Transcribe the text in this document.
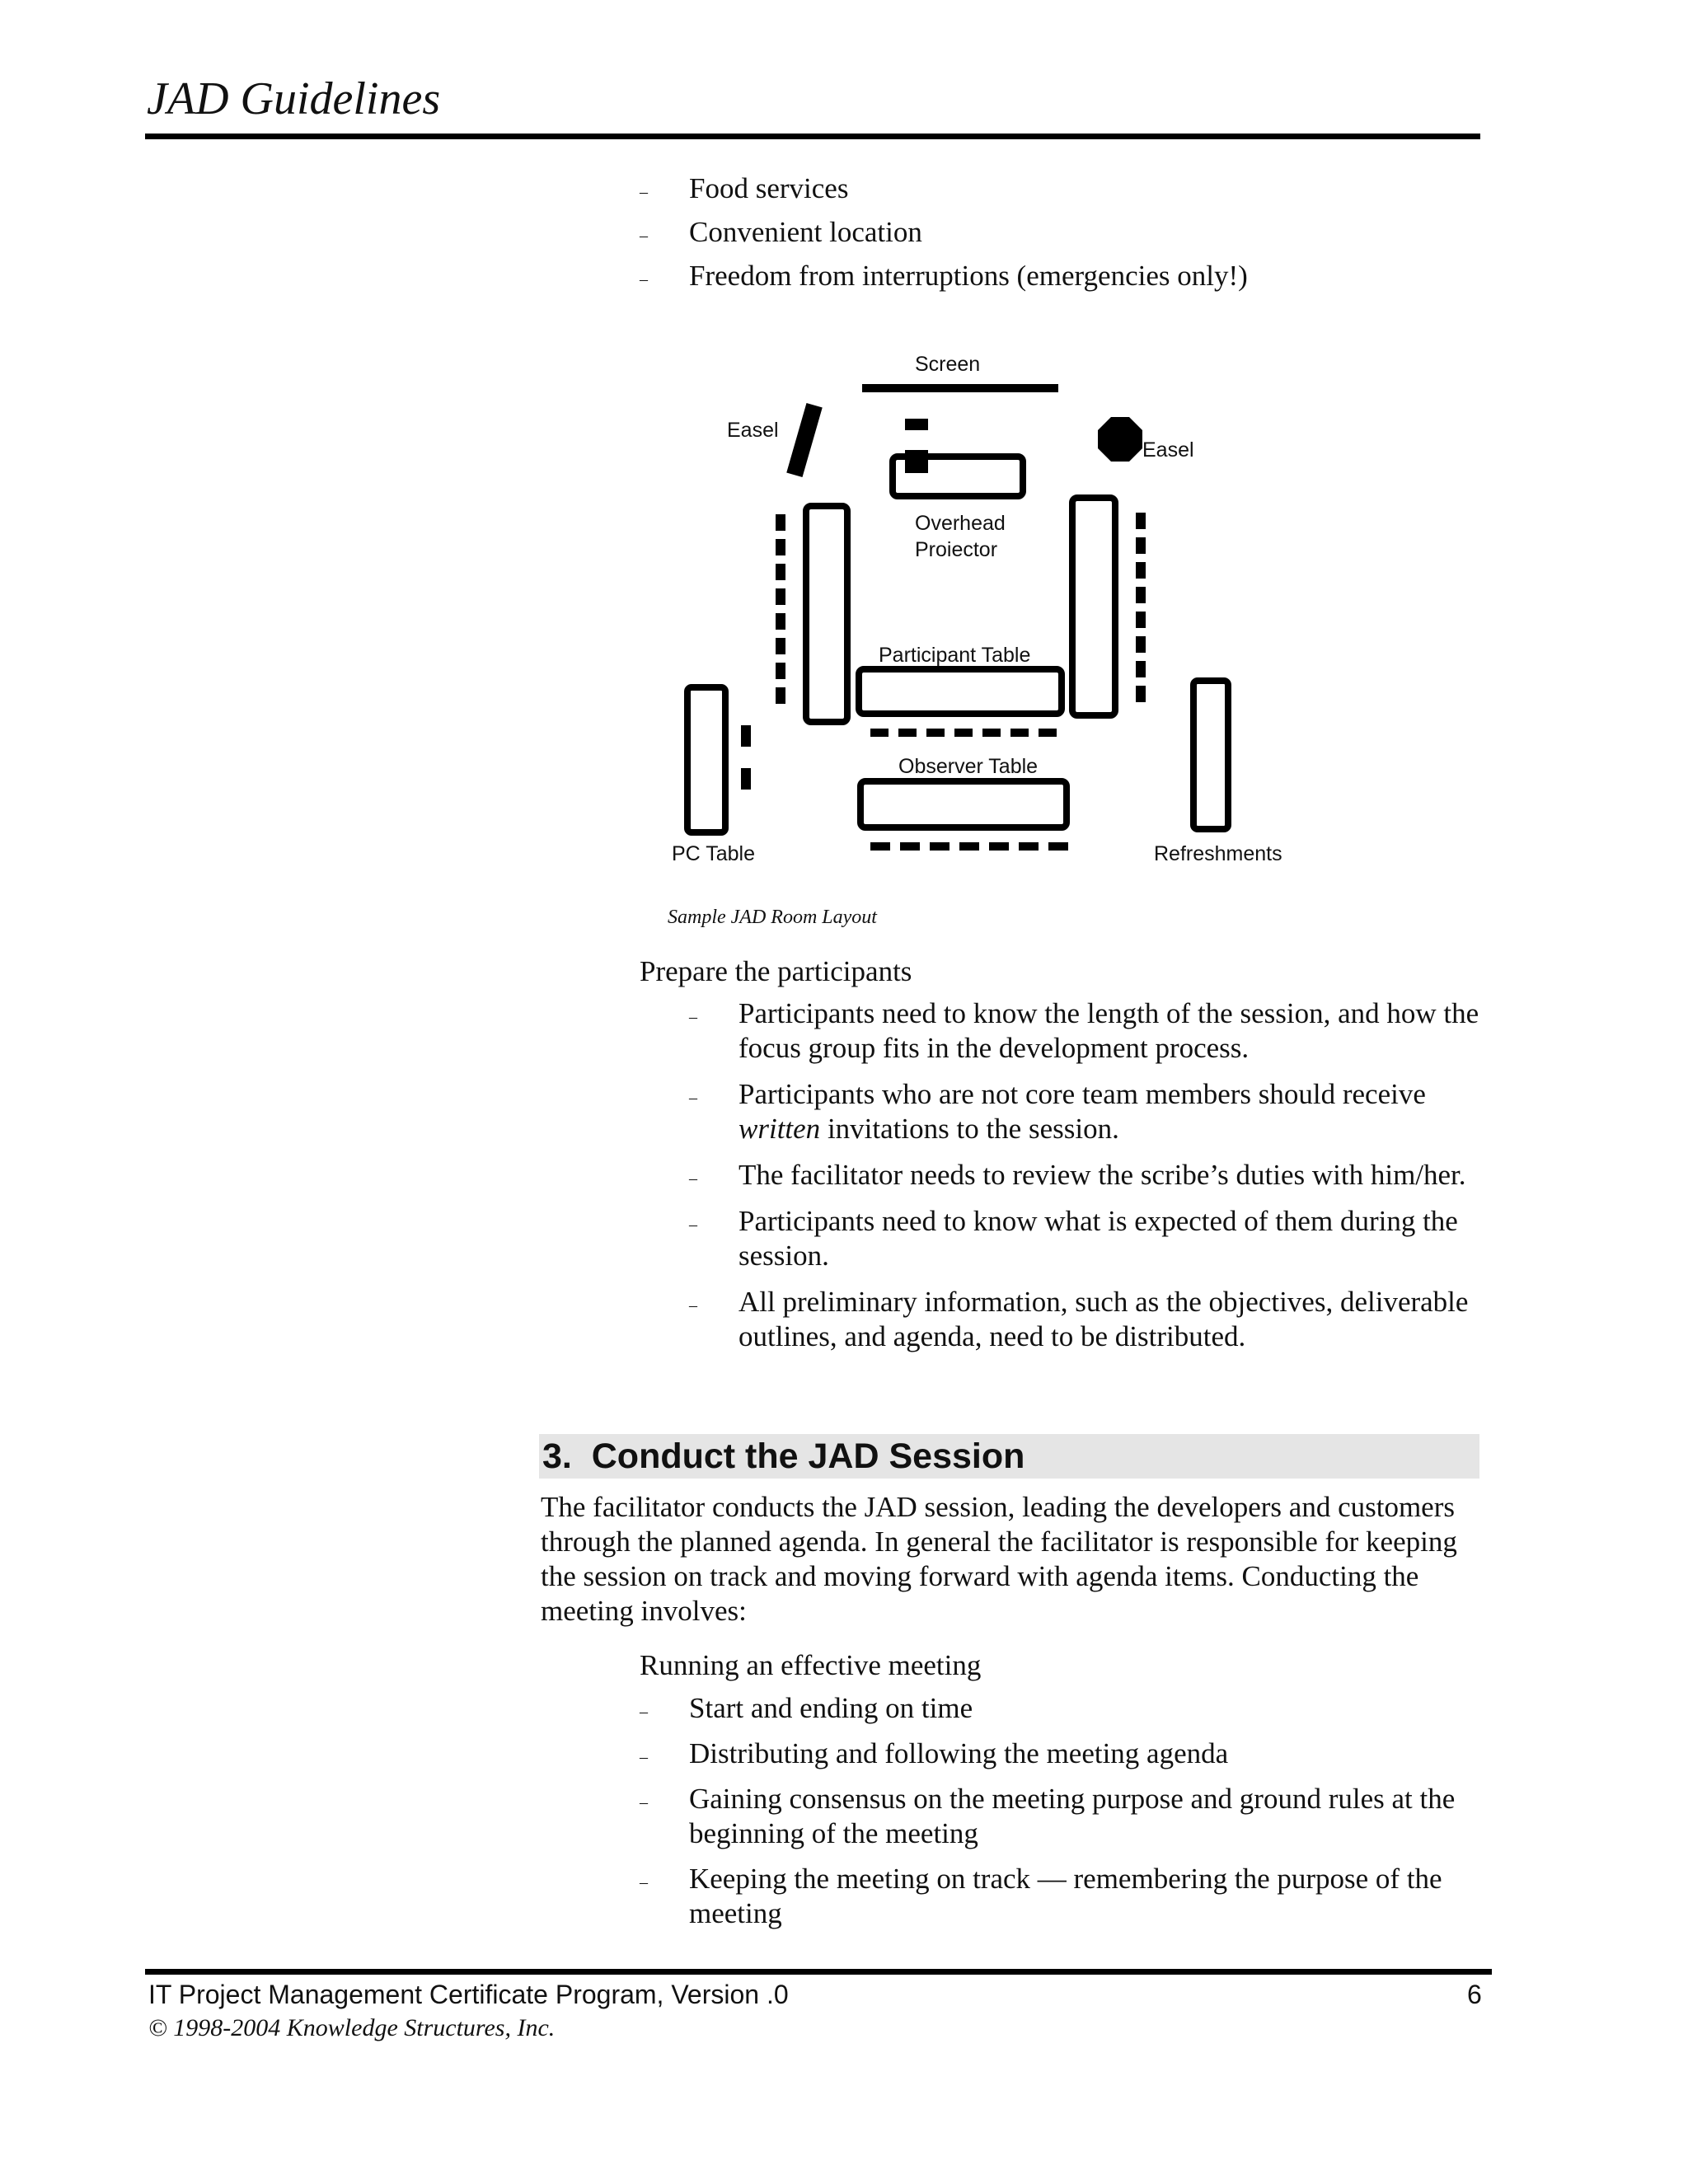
JAD Guidelines
– Food services
– Convenient location
– Freedom from interruptions (emergencies only!)
Screen
Easel
Easel
Overhead
Proiector
Participant Table
Observer Table
PC Table	Refreshments
Sample JAD Room Layout
Prepare the participants
– Participants need to know the length of the session, and how the focus group fits in the development process.
– Participants who are not core team members should receive written invitations to the session.
– The facilitator needs to review the scribe’s duties with him/her.
– Participants need to know what is expected of them during the session.
– All preliminary information, such as the objectives, deliverable outlines, and agenda, need to be distributed.
3.  Conduct the JAD Session
The facilitator conducts the JAD session, leading the developers and customers through the planned agenda. In general the facilitator is responsible for keeping the session on track and moving forward with agenda items. Conducting the meeting involves:
Running an effective meeting
– Start and ending on time
– Distributing and following the meeting agenda
– Gaining consensus on the meeting purpose and ground rules at the beginning of the meeting
– Keeping the meeting on track — remembering the purpose of the meeting
IT Project Management Certificate Program, Version .0	6
© 1998-2004 Knowledge Structures, Inc.
